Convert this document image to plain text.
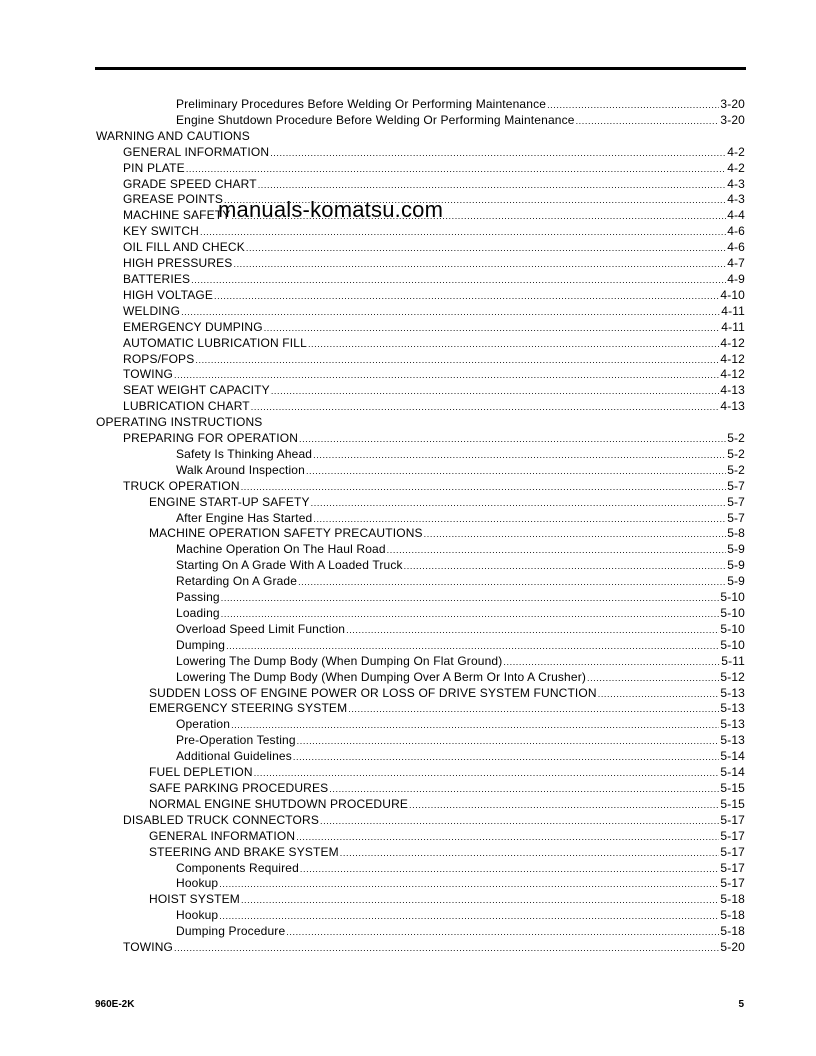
Preliminary Procedures Before Welding Or Performing Maintenance .....	3-20
Engine Shutdown Procedure Before Welding Or Performing Maintenance .....	3-20
WARNING AND CAUTIONS
GENERAL INFORMATION .....	4-2
PIN PLATE .....	4-2
GRADE SPEED CHART .....	4-3
GREASE POINTS .....	4-3
MACHINE SAFETY .....	4-4
KEY SWITCH .....	4-6
OIL FILL AND CHECK .....	4-6
HIGH PRESSURES .....	4-7
BATTERIES .....	4-9
HIGH VOLTAGE .....	4-10
WELDING .....	4-11
EMERGENCY DUMPING .....	4-11
AUTOMATIC LUBRICATION FILL .....	4-12
ROPS/FOPS .....	4-12
TOWING .....	4-12
SEAT WEIGHT CAPACITY .....	4-13
LUBRICATION CHART .....	4-13
OPERATING INSTRUCTIONS
PREPARING FOR OPERATION .....	5-2
Safety Is Thinking Ahead .....	5-2
Walk Around Inspection .....	5-2
TRUCK OPERATION .....	5-7
ENGINE START-UP SAFETY .....	5-7
After Engine Has Started .....	5-7
MACHINE OPERATION SAFETY PRECAUTIONS .....	5-8
Machine Operation On The Haul Road .....	5-9
Starting On A Grade With A Loaded Truck .....	5-9
Retarding On A Grade .....	5-9
Passing .....	5-10
Loading .....	5-10
Overload Speed Limit Function .....	5-10
Dumping .....	5-10
Lowering The Dump Body (When Dumping On Flat Ground) .....	5-11
Lowering The Dump Body (When Dumping Over A Berm Or Into A Crusher) .....	5-12
SUDDEN LOSS OF ENGINE POWER OR LOSS OF DRIVE SYSTEM FUNCTION .....	5-13
EMERGENCY STEERING SYSTEM .....	5-13
Operation .....	5-13
Pre-Operation Testing .....	5-13
Additional Guidelines .....	5-14
FUEL DEPLETION .....	5-14
SAFE PARKING PROCEDURES .....	5-15
NORMAL ENGINE SHUTDOWN PROCEDURE .....	5-15
DISABLED TRUCK CONNECTORS .....	5-17
GENERAL INFORMATION .....	5-17
STEERING AND BRAKE SYSTEM .....	5-17
Components Required .....	5-17
Hookup .....	5-17
HOIST SYSTEM .....	5-18
Hookup .....	5-18
Dumping Procedure .....	5-18
TOWING .....	5-20
manuals-komatsu.com
960E-2K	5
